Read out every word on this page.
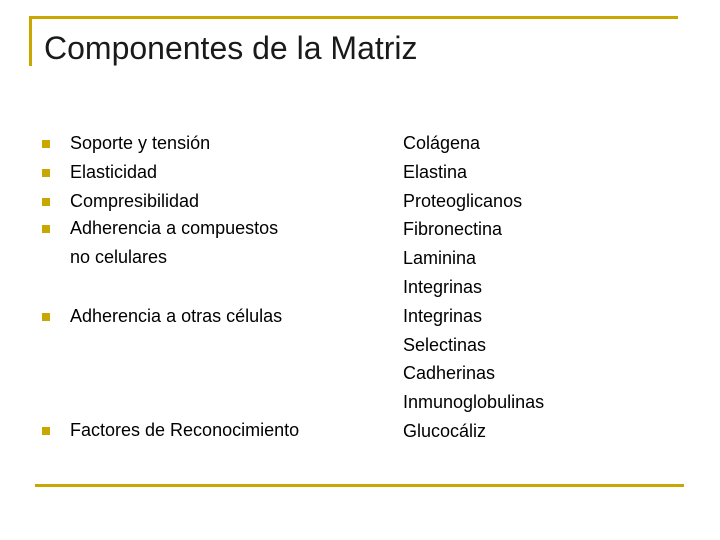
Componentes de la Matriz
Soporte y tensión
Elasticidad
Compresibilidad
Adherencia a compuestos
no celulares
Adherencia a otras células
Factores de Reconocimiento
Colágena
Elastina
Proteoglicanos
Fibronectina
Laminina
Integrinas
Integrinas
Selectinas
Cadherinas
Inmunoglobulinas
Glucocáliz
